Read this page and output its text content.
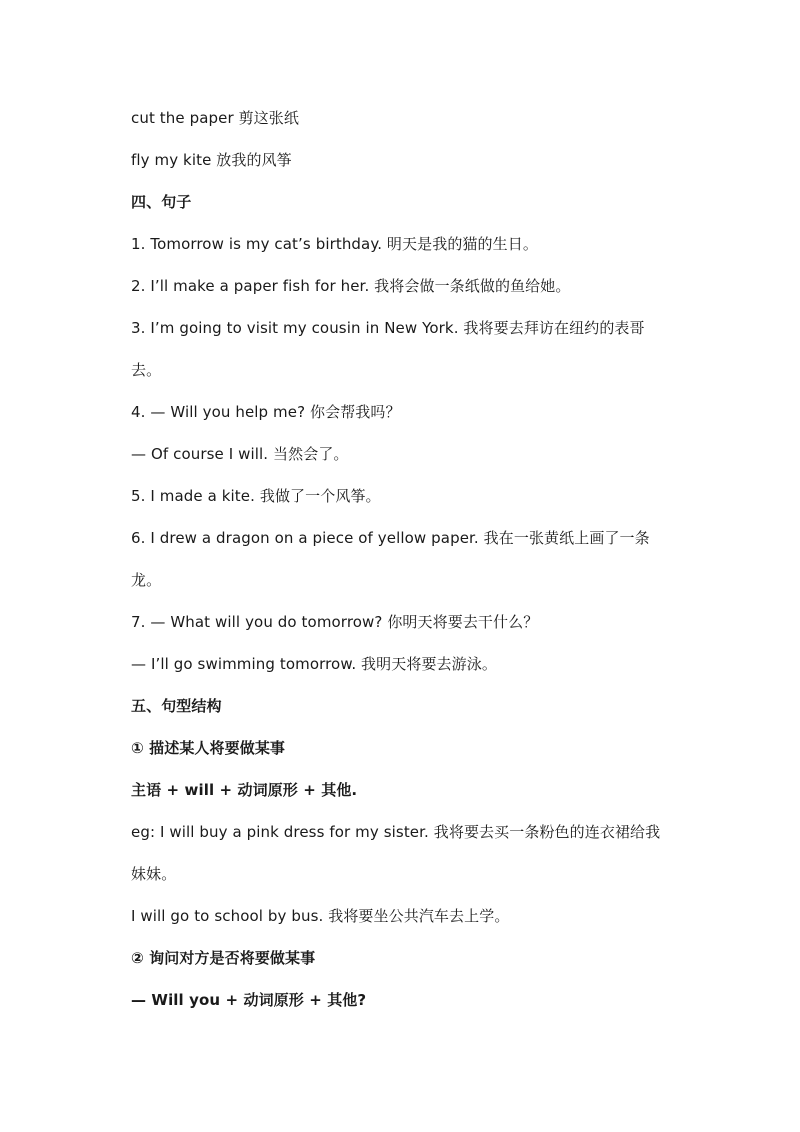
cut the paper 剪这张纸
fly my kite 放我的风筝
四、句子
1. Tomorrow is my cat’s birthday. 明天是我的猫的生日。
2. I’ll make a paper fish for her. 我将会做一条纸做的鱼给她。
3. I’m going to visit my cousin in New York. 我将要去拜访在纽约的表哥
去。
4. — Will you help me? 你会帮我吗？
— Of course I will. 当然会了。
5. I made a kite. 我做了一个风筝。
6. I drew a dragon on a piece of yellow paper. 我在一张黄纸上画了一条
龙。
7. — What will you do tomorrow? 你明天将要去干什么？
— I’ll go swimming tomorrow. 我明天将要去游泳。
五、句型结构
① 描述某人将要做某事
主语 + will + 动词原形 + 其他.
eg: I will buy a pink dress for my sister. 我将要去买一条粉色的连衣裙给我
妹妹。
I will go to school by bus. 我将要坐公共汽车去上学。
② 询问对方是否将要做某事
— Will you + 动词原形 + 其他?
